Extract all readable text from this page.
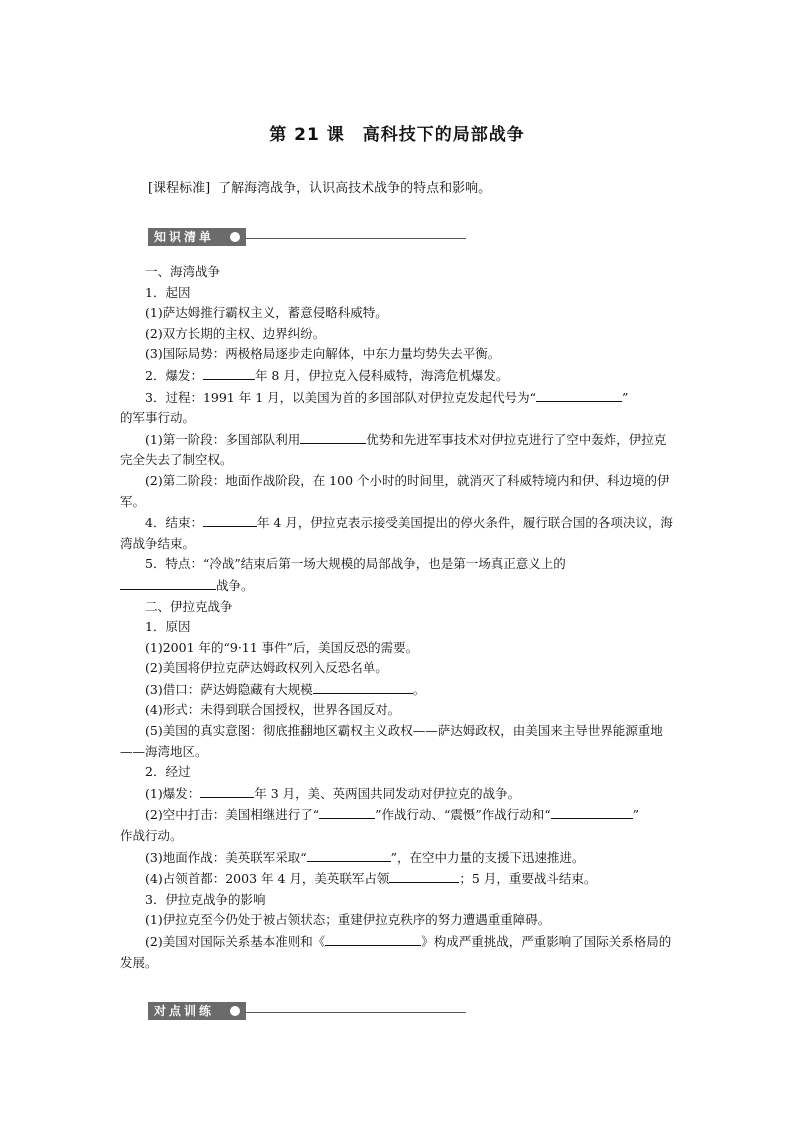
第 21 课　高科技下的局部战争
[课程标准] 了解海湾战争，认识高技术战争的特点和影响。
知识清单

一、海湾战争

1．起因

(1)萨达姆推行霸权主义，蓄意侵略科威特。

(2)双方长期的主权、边界纠纷。

(3)国际局势：两极格局逐步走向解体，中东力量均势失去平衡。

2．爆发：	年 8 月，伊拉克入侵科威特，海湾危机爆发。

3．过程：1991 年 1 月，以美国为首的多国部队对伊拉克发起代号为“	”
的军事行动。

(1)第一阶段：多国部队利用	优势和先进军事技术对伊拉克进行了空中轰炸，伊拉克完全失去了制空权。

(2)第二阶段：地面作战阶段，在 100 个小时的时间里，就消灭了科威特境内和伊、科边境的伊军。

4．结束：	年 4 月，伊拉克表示接受美国提出的停火条件，履行联合国的各项决议，海湾战争结束。

5．特点：“冷战”结束后第一场大规模的局部战争，也是第一场真正意义上的
战争。

二、伊拉克战争

1．原因

(1)2001 年的“9·11 事件”后，美国反恐的需要。

(2)美国将伊拉克萨达姆政权列入反恐名单。

(3)借口：萨达姆隐藏有大规模	。

(4)形式：未得到联合国授权，世界各国反对。

(5)美国的真实意图：彻底推翻地区霸权主义政权——萨达姆政权，由美国来主导世界能源重地——海湾地区。

2．经过

(1)爆发：	年 3 月，美、英两国共同发动对伊拉克的战争。

(2)空中打击：美国相继进行了“	”作战行动、“震慑”作战行动和“	”
作战行动。

(3)地面作战：美英联军采取“	”，在空中力量的支援下迅速推进。

(4)占领首都：2003 年 4 月，美英联军占领	；5 月，重要战斗结束。

3．伊拉克战争的影响

(1)伊拉克至今仍处于被占领状态；重建伊拉克秩序的努力遭遇重重障碍。

(2)美国对国际关系基本准则和《	》构成严重挑战，严重影响了国际关系格局的发展。

对点训练
